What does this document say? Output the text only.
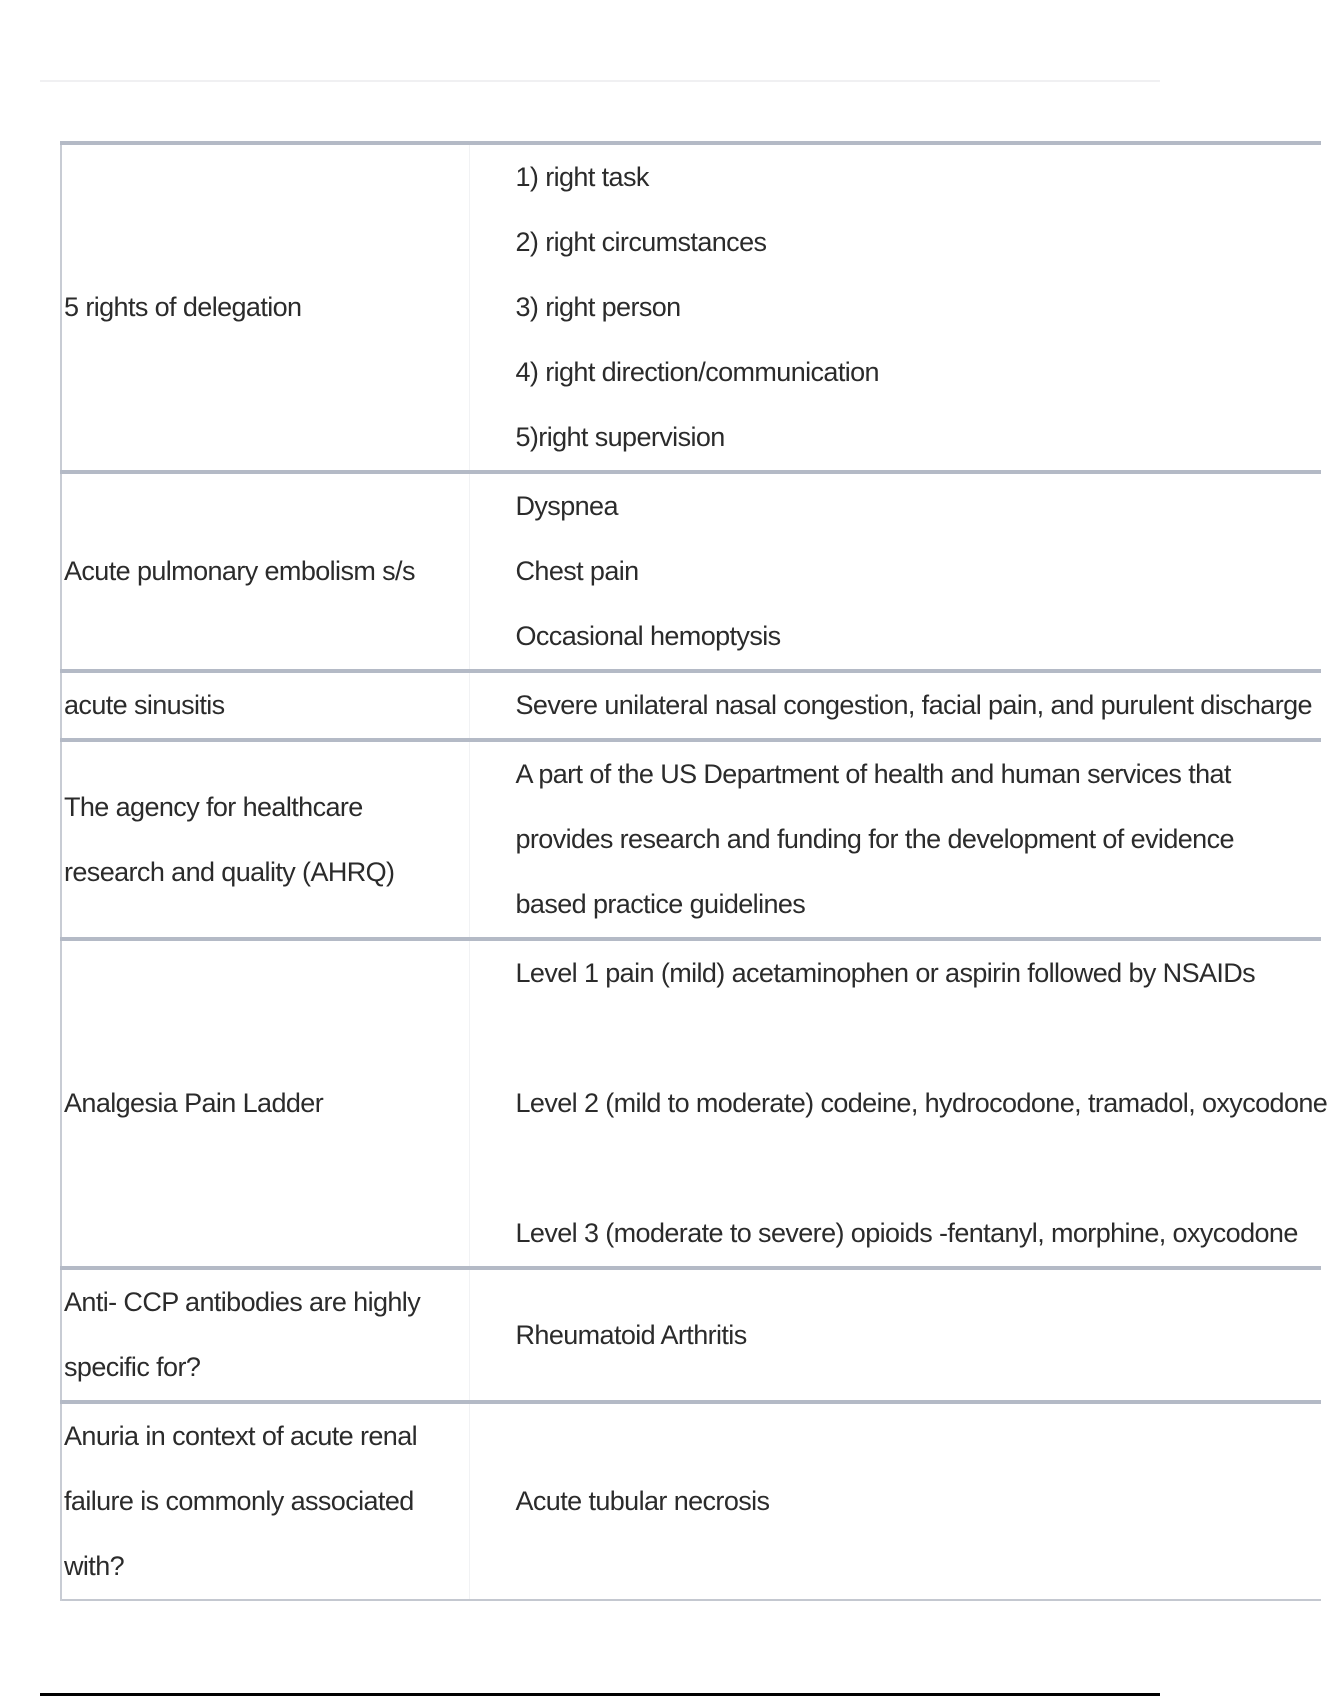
5 rights of delegation	1) right task
2) right circumstances
3) right person
4) right direction/communication
5)right supervision

Acute pulmonary embolism s/s	Dyspnea
Chest pain
Occasional hemoptysis

acute sinusitis	Severe unilateral nasal congestion, facial pain, and purulent discharge
The agency for healthcare research and quality (AHRQ)	A part of the US Department of health and human services that provides research and funding for the development of evidence based practice guidelines
Analgesia Pain Ladder	Level 1 pain (mild) acetaminophen or aspirin followed by NSAIDs
Level 2 (mild to moderate) codeine, hydrocodone, tramadol, oxycodone
Level 3 (moderate to severe) opioids -fentanyl, morphine, oxycodone

Anti- CCP antibodies are highly specific for?	Rheumatoid Arthritis
Anuria in context of acute renal failure is commonly associated with?	Acute tubular necrosis
